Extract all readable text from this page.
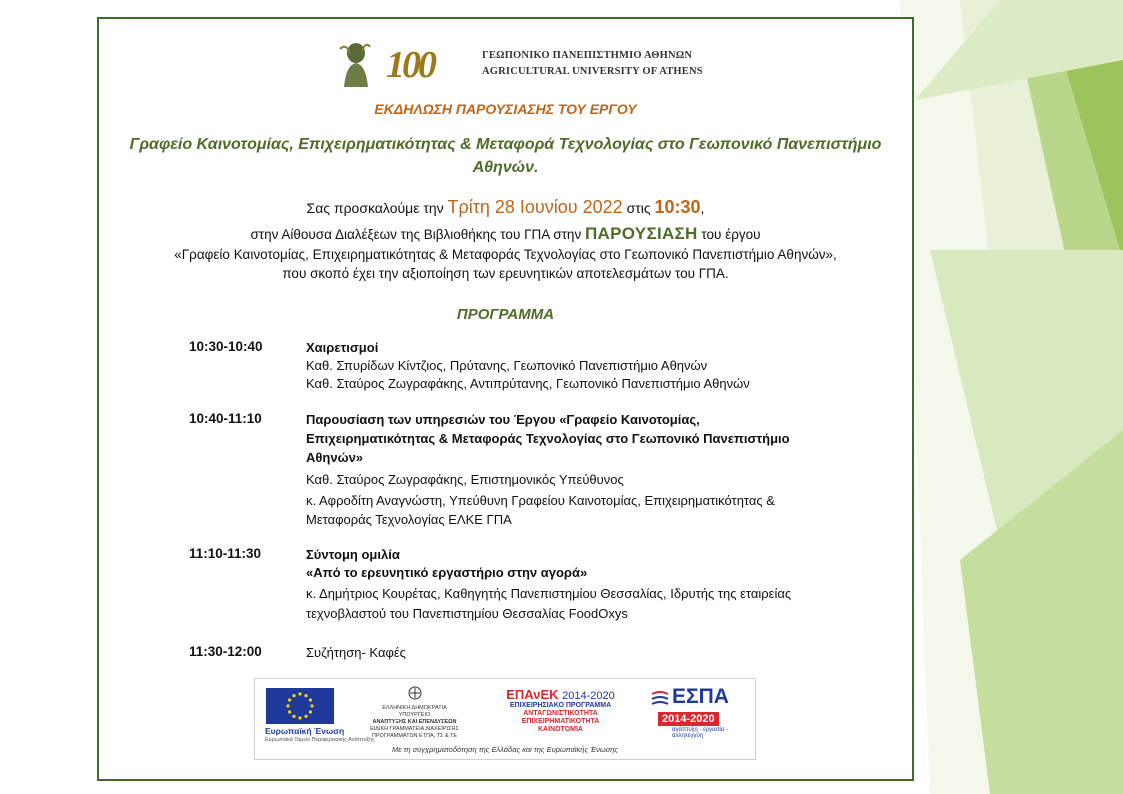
100	ΓΕΩΠΟΝΙΚΟ ΠΑΝΕΠΙΣΤΗΜΙΟ ΑΘΗΝΩΝ
AGRICULTURAL UNIVERSITY OF ATHENS
ΕΚΔΗΛΩΣΗ ΠΑΡΟΥΣΙΑΣΗΣ ΤΟΥ ΕΡΓΟΥ
Γραφείο Καινοτομίας, Επιχειρηματικότητας & Μεταφορά Τεχνολογίας στο Γεωπονικό Πανεπιστήμιο
Αθηνών.
Σας προσκαλούμε την Τρίτη 28 Ιουνίου 2022 στις 10:30,
στην Αίθουσα Διαλέξεων της Βιβλιοθήκης του ΓΠΑ στην ΠΑΡΟΥΣΙΑΣΗ του έργου
«Γραφείο Καινοτομίας, Επιχειρηματικότητας & Μεταφοράς Τεχνολογίας στο Γεωπονικό Πανεπιστήμιο Αθηνών»,
που σκοπό έχει την αξιοποίηση των ερευνητικών αποτελεσμάτων του ΓΠΑ.
ΠΡΟΓΡΑΜΜΑ
10:30-10:40	Χαιρετισμοί
Καθ. Σπυρίδων Κίντζιος, Πρύτανης, Γεωπονικό Πανεπιστήμιο Αθηνών
Καθ. Σταύρος Ζωγραφάκης, Αντιπρύτανης, Γεωπονικό Πανεπιστήμιο Αθηνών
10:40-11:10	Παρουσίαση των υπηρεσιών του Έργου «Γραφείο Καινοτομίας,
Επιχειρηματικότητας & Μεταφοράς Τεχνολογίας στο Γεωπονικό Πανεπιστήμιο
Αθηνών»
Καθ. Σταύρος Ζωγραφάκης, Επιστημονικός Υπεύθυνος
κ. Αφροδίτη Αναγνώστη, Υπεύθυνη Γραφείου Καινοτομίας, Επιχειρηματικότητας &
Μεταφοράς Τεχνολογίας ΕΛΚΕ ΓΠΑ
11:10-11:30	Σύντομη ομιλία
«Από το ερευνητικό εργαστήριο στην αγορά»
κ. Δημήτριος Κουρέτας, Καθηγητής Πανεπιστημίου Θεσσαλίας, Ιδρυτής της εταιρείας
τεχνοβλαστού του Πανεπιστημίου Θεσσαλίας FoodOxys
11:30-12:00	Συζήτηση- Καφές
Ευρωπαϊκή Ένωση
Ευρωπαϊκό Ταμείο Περιφερειακής Ανάπτυξης
ΕΛΛΗΝΙΚΗ ΔΗΜΟΚΡΑΤΙΑ
ΥΠΟΥΡΓΕΙΟ
ΑΝΑΠΤΥΞΗΣ ΚΑΙ ΕΠΕΝΔΥΣΕΩΝ
ΕΙΔΙΚΗ ΓΡΑΜΜΑΤΕΙΑ ΔΙΑΧΕΙΡΙΣΗΣ
ΠΡΟΓΡΑΜΜΑΤΩΝ ΕΤΠΑ, ΤΣ & ΤΕ
ΕΠΑνΕΚ 2014-2020
ΕΠΙΧΕΙΡΗΣΙΑΚΟ ΠΡΟΓΡΑΜΜΑ
ΑΝΤΑΓΩΝΙΣΤΙΚΟΤΗΤΑ
ΕΠΙΧΕΙΡΗΜΑΤΙΚΟΤΗΤΑ
ΚΑΙΝΟΤΟΜΙΑ
ΕΣΠΑ
2014-2020
ανάπτυξη - εργασία - αλληλεγγύη
Με τη συγχρηματοδότηση της Ελλάδας και της Ευρωπαϊκής Ένωσης
